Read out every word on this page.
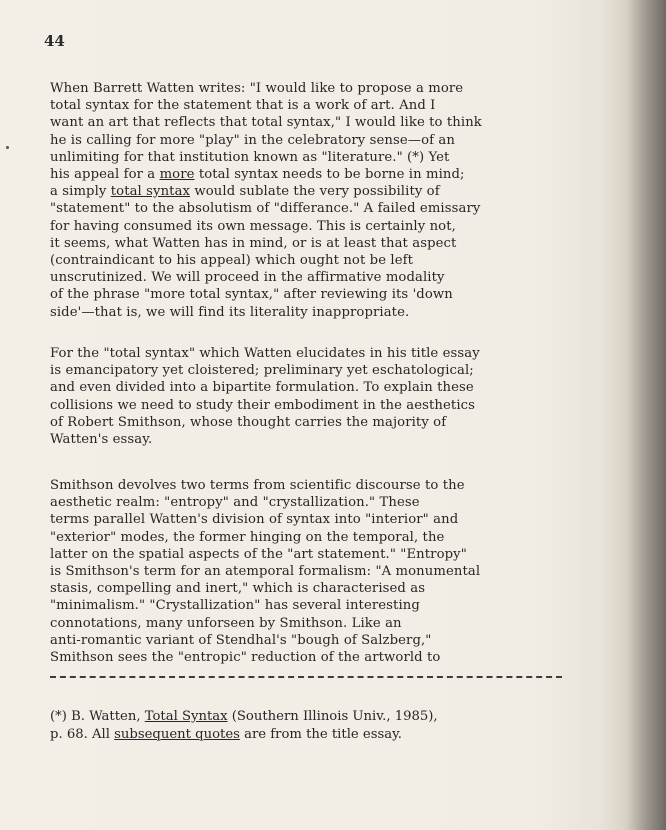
44

When Barrett Watten writes: "I would like to propose a more
total syntax for the statement that is a work of art. And I
want an art that reflects that total syntax," I would like to think
he is calling for more "play" in the celebratory sense—of an
unlimiting for that institution known as "literature." (*) Yet
his appeal for a more total syntax needs to be borne in mind;
a simply total syntax would sublate the very possibility of
"statement" to the absolutism of "differance." A failed emissary
for having consumed its own message. This is certainly not,
it seems, what Watten has in mind, or is at least that aspect
(contraindicant to his appeal) which ought not be left
unscrutinized. We will proceed in the affirmative modality
of the phrase "more total syntax," after reviewing its 'down
side'—that is, we will find its literality inappropriate.
For the "total syntax" which Watten elucidates in his title essay
is emancipatory yet cloistered; preliminary yet eschatological;
and even divided into a bipartite formulation. To explain these
collisions we need to study their embodiment in the aesthetics
of Robert Smithson, whose thought carries the majority of
Watten's essay.
Smithson devolves two terms from scientific discourse to the
aesthetic realm: "entropy" and "crystallization." These
terms parallel Watten's division of syntax into "interior" and
"exterior" modes, the former hinging on the temporal, the
latter on the spatial aspects of the "art statement." "Entropy"
is Smithson's term for an atemporal formalism: "A monumental
stasis, compelling and inert," which is characterised as
"minimalism." "Crystallization" has several interesting
connotations, many unforseen by Smithson. Like an
anti-romantic variant of Stendhal's "bough of Salzberg,"
Smithson sees the "entropic" reduction of the artworld to
(*) B. Watten, Total Syntax (Southern Illinois Univ., 1985),
p. 68. All subsequent quotes are from the title essay.
